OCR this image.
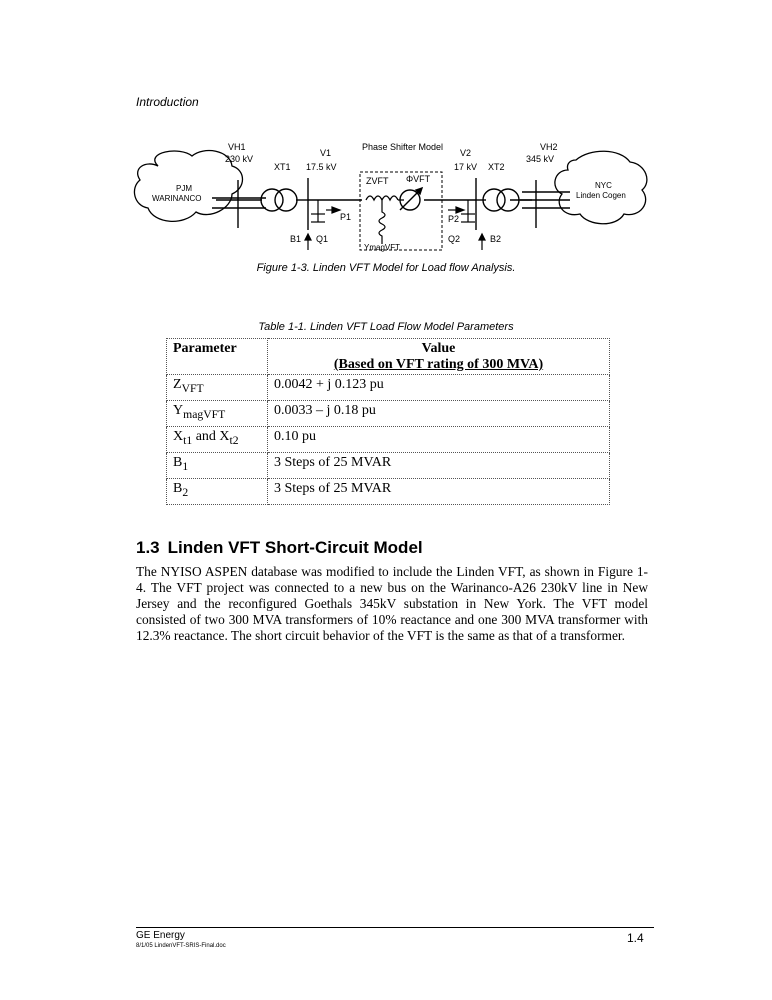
Introduction
PJM
WARINANCO
NYC
Linden Cogen
Phase Shifter Model
VH1
230 kV
XT1
V1
17.5 kV
ZVFT ΦVFT
V2
17 kV XT2
VH2
345 kV
P1
Q1
B1
P2
Q2	B2
YmagVFT
Figure 1-3. Linden VFT Model for Load flow Analysis.
Table 1-1. Linden VFT Load Flow Model Parameters
Parameter	Value
(Based on VFT rating of 300 MVA)

$Z_{VFT}$	0.0042 + j 0.123 pu
$Y_{magVFT}$	0.0033 – j 0.18 pu
$X_{t1}$ and $X_{t2}$	0.10 pu
$B_1$	3 Steps of 25 MVAR
$B_2$	3 Steps of 25 MVAR
1.3 Linden VFT Short-Circuit Model
The NYISO ASPEN database was modified to include the Linden VFT, as shown in Figure 1-4. The VFT project was connected to a new bus on the Warinanco-A26 230kV line in New Jersey and the reconfigured Goethals 345kV substation in New York. The VFT model consisted of two 300 MVA transformers of 10% reactance and one 300 MVA transformer with 12.3% reactance. The short circuit behavior of the VFT is the same as that of a transformer.
GE Energy
8/1/05 LindenVFT-SRIS-Final.doc
1.4
